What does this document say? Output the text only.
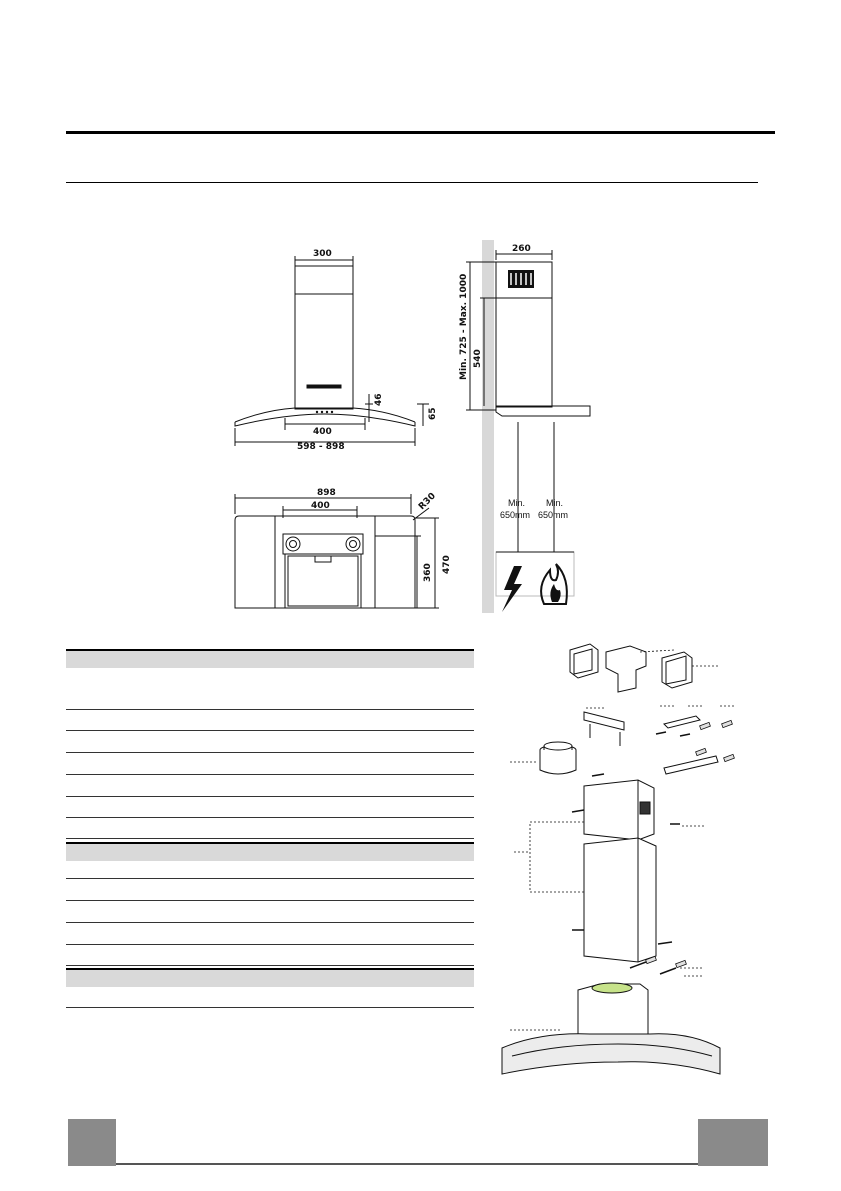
300
400
598 - 898
46
65
898
400	R30
360 470
260
Min. 725 - Max. 1000 540
Min.
650mm
Min.
650mm
